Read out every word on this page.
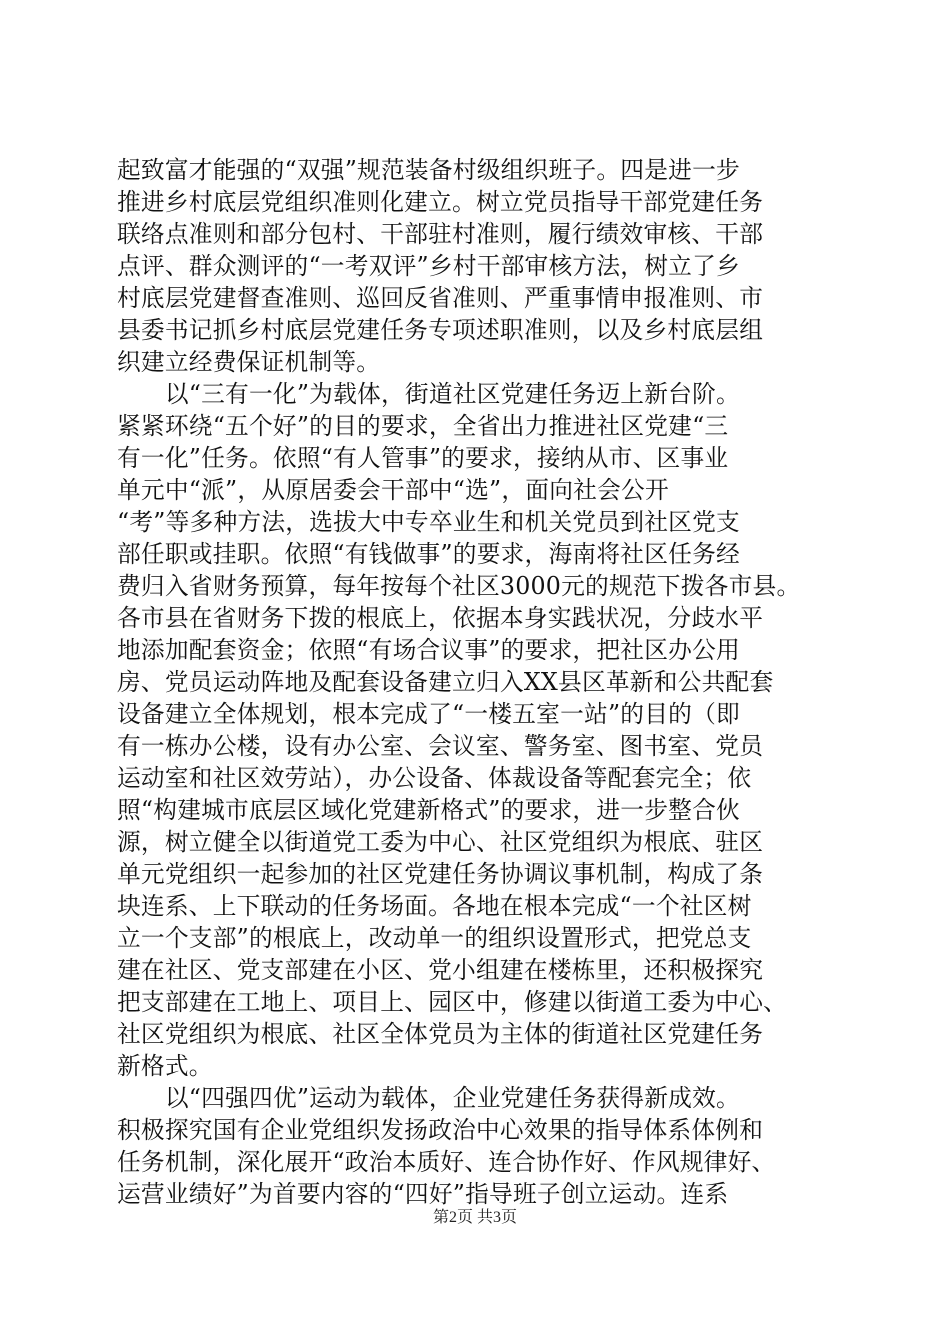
起致富才能强的“双强”规范装备村级组织班子。四是进一步
推进乡村底层党组织准则化建立。树立党员指导干部党建任务
联络点准则和部分包村、干部驻村准则，履行绩效审核、干部
点评、群众测评的“一考双评”乡村干部审核方法，树立了乡
村底层党建督查准则、巡回反省准则、严重事情申报准则、市
县委书记抓乡村底层党建任务专项述职准则，以及乡村底层组
织建立经费保证机制等。
　　以“三有一化”为载体，街道社区党建任务迈上新台阶。
紧紧环绕“五个好”的目的要求，全省出力推进社区党建“三
有一化”任务。依照“有人管事”的要求，接纳从市、区事业
单元中“派”，从原居委会干部中“选”，面向社会公开
“考”等多种方法，选拔大中专卒业生和机关党员到社区党支
部任职或挂职。依照“有钱做事”的要求，海南将社区任务经
费归入省财务预算，每年按每个社区3000元的规范下拨各市县。
各市县在省财务下拨的根底上，依据本身实践状况，分歧水平
地添加配套资金；依照“有场合议事”的要求，把社区办公用
房、党员运动阵地及配套设备建立归入XX县区革新和公共配套
设备建立全体规划，根本完成了“一楼五室一站”的目的（即
有一栋办公楼，设有办公室、会议室、警务室、图书室、党员
运动室和社区效劳站），办公设备、体裁设备等配套完全；依
照“构建城市底层区域化党建新格式”的要求，进一步整合伙
源，树立健全以街道党工委为中心、社区党组织为根底、驻区
单元党组织一起参加的社区党建任务协调议事机制，构成了条
块连系、上下联动的任务场面。各地在根本完成“一个社区树
立一个支部”的根底上，改动单一的组织设置形式，把党总支
建在社区、党支部建在小区、党小组建在楼栋里，还积极探究
把支部建在工地上、项目上、园区中，修建以街道工委为中心、
社区党组织为根底、社区全体党员为主体的街道社区党建任务
新格式。
　　以“四强四优”运动为载体，企业党建任务获得新成效。
积极探究国有企业党组织发扬政治中心效果的指导体系体例和
任务机制，深化展开“政治本质好、连合协作好、作风规律好、
运营业绩好”为首要内容的“四好”指导班子创立运动。连系
第2页 共3页
